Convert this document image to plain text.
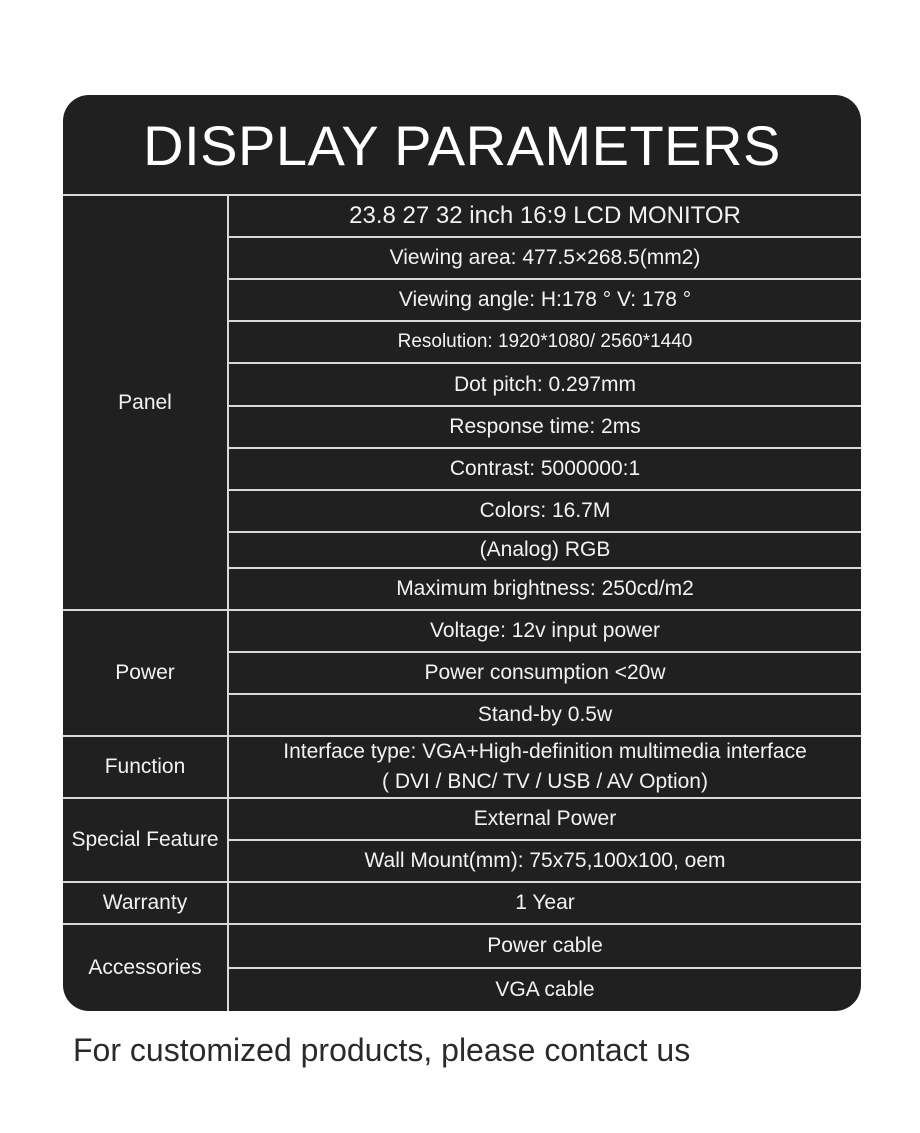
DISPLAY PARAMETERS
23.8 27 32 inch 16:9 LCD MONITOR
Viewing area: 477.5×268.5(mm2)
Viewing angle: H:178 ° V: 178 °
Resolution: 1920*1080/ 2560*1440
Dot pitch: 0.297mm
Response time: 2ms
Contrast: 5000000:1
Colors: 16.7M
(Analog) RGB
Maximum brightness: 250cd/m2
Panel
Voltage: 12v input power
Power consumption <20w
Stand-by 0.5w
Power
Interface type: VGA+High-definition multimedia interface
( DVI / BNC/ TV / USB / AV Option)
Function
External Power
Wall Mount(mm): 75x75,100x100, oem
Special Feature
1 Year
Warranty
Power cable
VGA cable
Accessories
For customized products, please contact us
